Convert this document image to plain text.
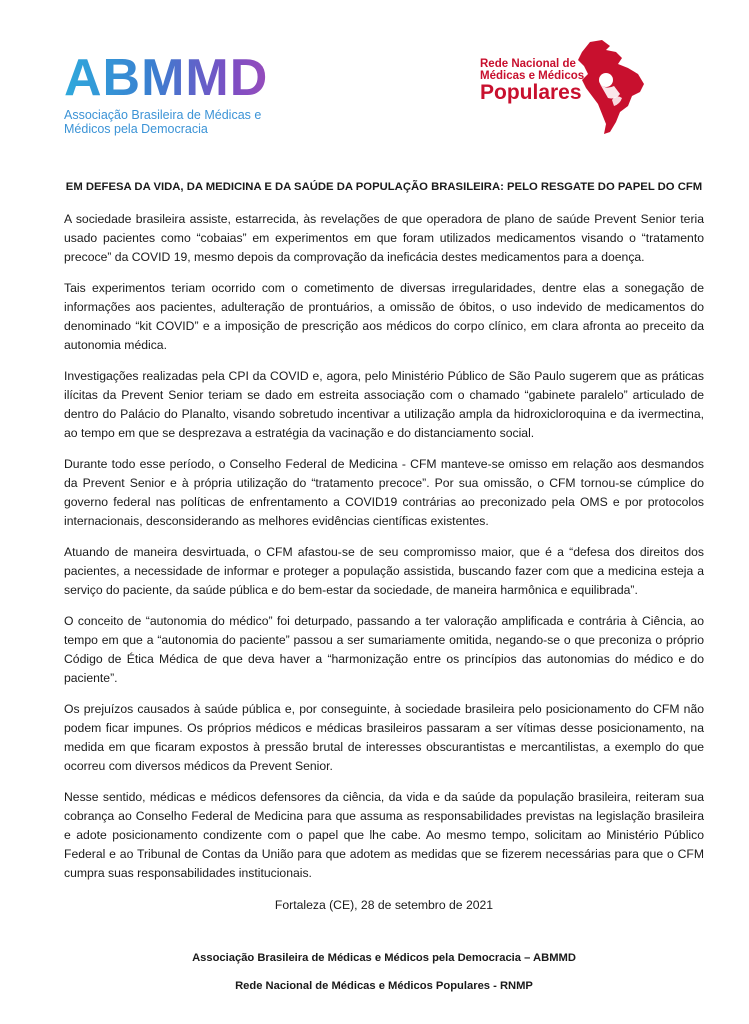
ABMMD
Associação Brasileira de Médicas e
Médicos pela Democracia
Rede Nacional de
Médicas e Médicos
Populares
EM DEFESA DA VIDA, DA MEDICINA E DA SAÚDE DA POPULAÇÃO BRASILEIRA: PELO RESGATE DO PAPEL DO CFM

A sociedade brasileira assiste, estarrecida, às revelações de que operadora de plano de saúde Prevent Senior teria usado pacientes como “cobaias” em experimentos em que foram utilizados medicamentos visando o “tratamento precoce” da COVID 19, mesmo depois da comprovação da ineficácia destes medicamentos para a doença.

Tais experimentos teriam ocorrido com o cometimento de diversas irregularidades, dentre elas a sonegação de informações aos pacientes, adulteração de prontuários, a omissão de óbitos, o uso indevido de medicamentos do denominado “kit COVID” e a imposição de prescrição aos médicos do corpo clínico, em clara afronta ao preceito da autonomia médica.

Investigações realizadas pela CPI da COVID e, agora, pelo Ministério Público de São Paulo sugerem que as práticas ilícitas da Prevent Senior teriam se dado em estreita associação com o chamado “gabinete paralelo” articulado de dentro do Palácio do Planalto, visando sobretudo incentivar a utilização ampla da hidroxicloroquina e da ivermectina, ao tempo em que se desprezava a estratégia da vacinação e do distanciamento social.

Durante todo esse período, o Conselho Federal de Medicina - CFM manteve-se omisso em relação aos desmandos da Prevent Senior e à própria utilização do “tratamento precoce”. Por sua omissão, o CFM tornou-se cúmplice do governo federal nas políticas de enfrentamento a COVID19 contrárias ao preconizado pela OMS e por protocolos internacionais, desconsiderando as melhores evidências científicas existentes.

Atuando de maneira desvirtuada, o CFM afastou-se de seu compromisso maior, que é a “defesa dos direitos dos pacientes, a necessidade de informar e proteger a população assistida, buscando fazer com que a medicina esteja a serviço do paciente, da saúde pública e do bem-estar da sociedade, de maneira harmônica e equilibrada”.

O conceito de “autonomia do médico” foi deturpado, passando a ter valoração amplificada e contrária à Ciência, ao tempo em que a “autonomia do paciente” passou a ser sumariamente omitida, negando-se o que preconiza o próprio Código de Ética Médica de que deva haver a “harmonização entre os princípios das autonomias do médico e do paciente”.

Os prejuízos causados à saúde pública e, por conseguinte, à sociedade brasileira pelo posicionamento do CFM não podem ficar impunes. Os próprios médicos e médicas brasileiros passaram a ser vítimas desse posicionamento, na medida em que ficaram expostos à pressão brutal de interesses obscurantistas e mercantilistas, a exemplo do que ocorreu com diversos médicos da Prevent Senior.

Nesse sentido, médicas e médicos defensores da ciência, da vida e da saúde da população brasileira, reiteram sua cobrança ao Conselho Federal de Medicina para que assuma as responsabilidades previstas na legislação brasileira e adote posicionamento condizente com o papel que lhe cabe. Ao mesmo tempo, solicitam ao Ministério Público Federal e ao Tribunal de Contas da União para que adotem as medidas que se fizerem necessárias para que o CFM cumpra suas responsabilidades institucionais.

Fortaleza (CE), 28 de setembro de 2021
Associação Brasileira de Médicas e Médicos pela Democracia – ABMMD
Rede Nacional de Médicas e Médicos Populares - RNMP
